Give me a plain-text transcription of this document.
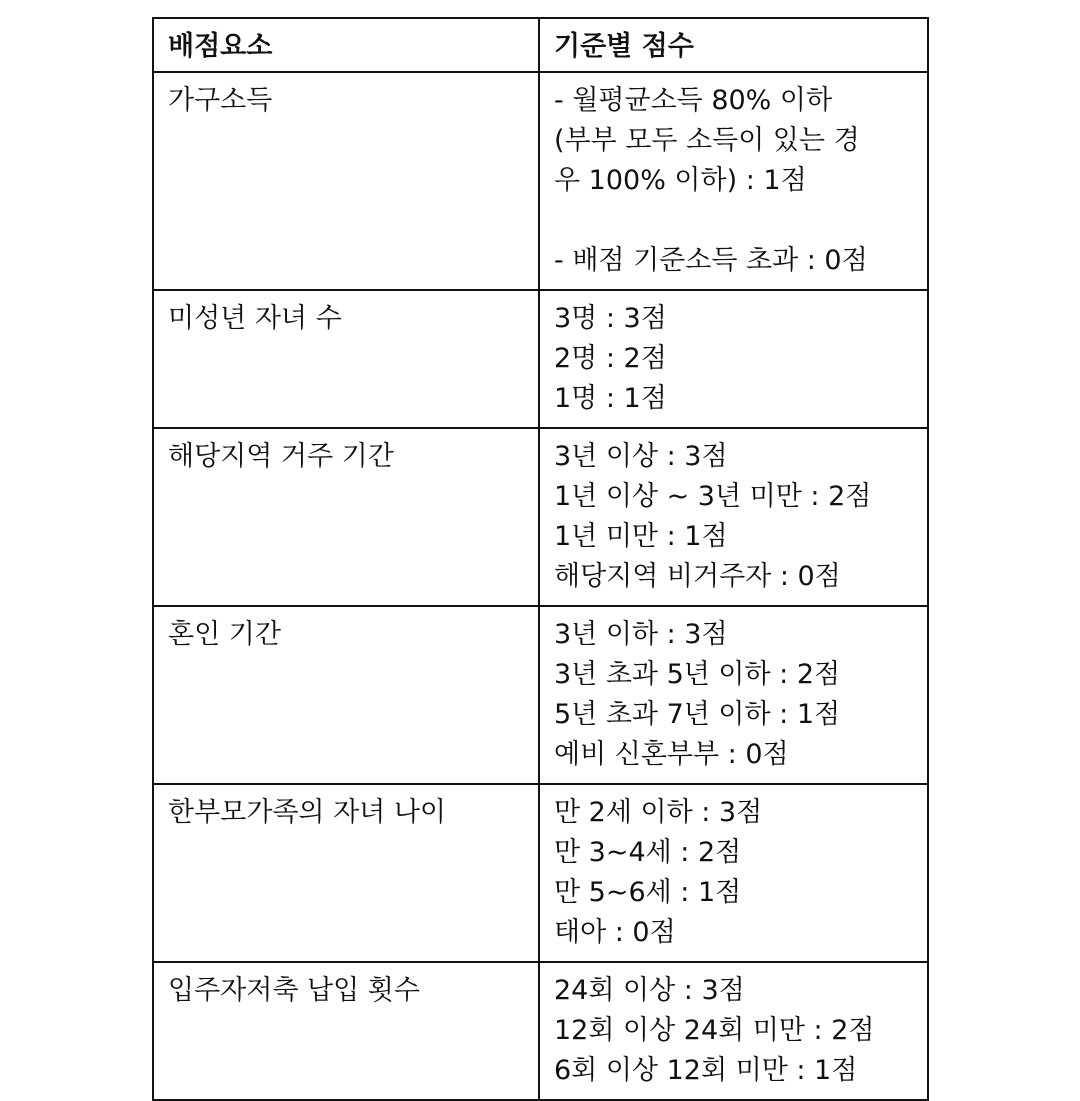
배점요소	기준별 점수
가구소득	- 월평균소득 80% 이하
(부부 모두 소득이 있는 경
우 100% 이하) : 1점
- 배점 기준소득 초과 : 0점

미성년 자녀 수	3명 : 3점
2명 : 2점
1명 : 1점

해당지역 거주 기간	3년 이상 : 3점
1년 이상 ~ 3년 미만 : 2점
1년 미만 : 1점
해당지역 비거주자 : 0점

혼인 기간	3년 이하 : 3점
3년 초과 5년 이하 : 2점
5년 초과 7년 이하 : 1점
예비 신혼부부 : 0점

한부모가족의 자녀 나이	만 2세 이하 : 3점
만 3~4세 : 2점
만 5~6세 : 1점
태아 : 0점

입주자저축 납입 횟수	24회 이상 : 3점
12회 이상 24회 미만 : 2점
6회 이상 12회 미만 : 1점
